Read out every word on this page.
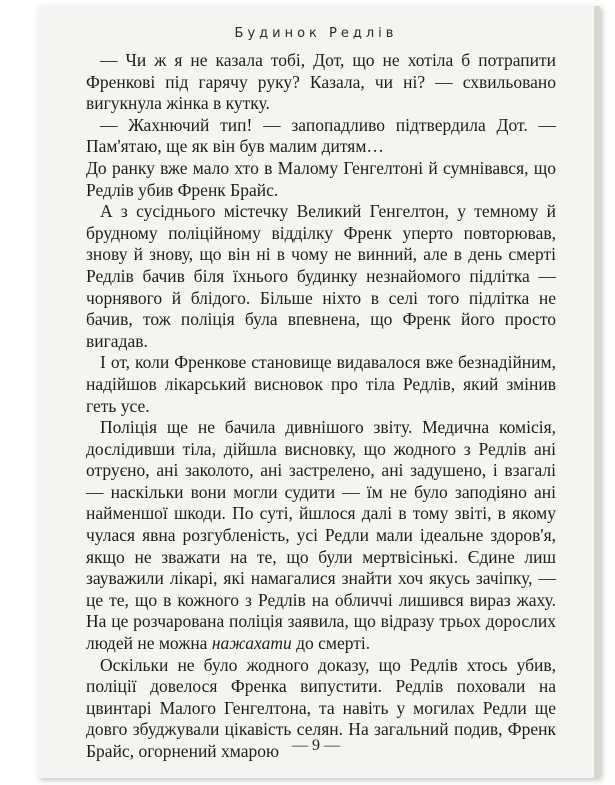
Будинок Редлів

— Чи ж я не казала тобі, Дот, що не хотіла б потрапити Френкові під гарячу руку? Казала, чи ні? — схвильовано вигукнула жінка в кутку.

— Жахнючий тип! — запопадливо підтвердила Дот. — Пам'ятаю, ще як він був малим дитям…

До ранку вже мало хто в Малому Генгелтоні й сумнівався, що Редлів убив Френк Брайс.

А з сусіднього містечку Великий Генгелтон, у темному й брудному поліційному відділку Френк уперто повторював, знову й знову, що він ні в чому не винний, але в день смерті Редлів бачив біля їхнього будинку незнайомого підлітка — чорнявого й блідого. Більше ніхто в селі того підлітка не бачив, тож поліція була впевнена, що Френк його просто вигадав.

І от, коли Френкове становище видавалося вже безнадійним, надійшов лікарський висновок про тіла Редлів, який змінив геть усе.

Поліція ще не бачила дивнішого звіту. Медична комісія, дослідивши тіла, дійшла висновку, що жодного з Редлів ані отруєно, ані заколото, ані застрелено, ані задушено, і взагалі — наскільки вони могли судити — їм не було заподіяно ані найменшої шкоди. По суті, йшлося далі в тому звіті, в якому чулася явна розгубленість, усі Редли мали ідеальне здоров'я, якщо не зважати на те, що були мертвісінькі. Єдине лиш зауважили лікарі, які намагалися знайти хоч якусь зачіпку, — це те, що в кожного з Редлів на обличчі лишився вираз жаху. На це розчарована поліція заявила, що відразу трьох дорослих людей не можна нажахати до смерті.

Оскільки не було жодного доказу, що Редлів хтось убив, поліції довелося Френка випустити. Редлів поховали на цвинтарі Малого Генгелтона, та навіть у могилах Редли ще довго збуджували цікавість селян. На загальний подив, Френк Брайс, огорнений хмарою — 9 —
